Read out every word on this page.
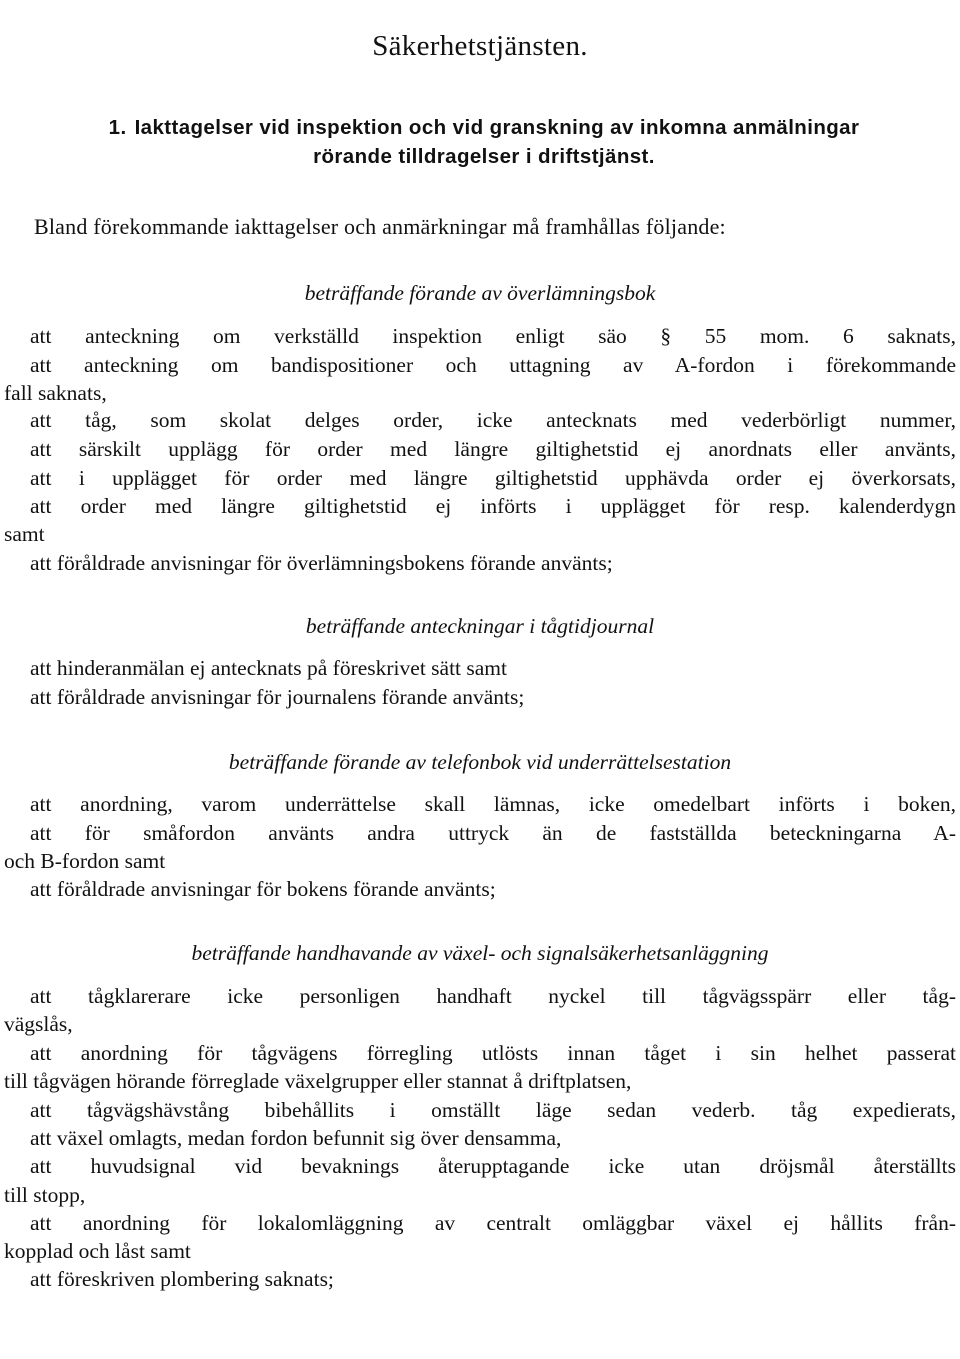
Säkerhetstjänsten.
1. Iakttagelser vid inspektion och vid granskning av inkomna anmälningar
rörande tilldragelser i driftstjänst.
Bland förekommande iakttagelser och anmärkningar må framhållas följande:
beträffande förande av överlämningsbok
att anteckning om verkställd inspektion enligt säo § 55 mom. 6 saknats,
att anteckning om bandispositioner och uttagning av A-fordon i förekommande
fall saknats,
att tåg, som skolat delges order, icke antecknats med vederbörligt nummer,
att särskilt upplägg för order med längre giltighetstid ej anordnats eller använts,
att i upplägget för order med längre giltighetstid upphävda order ej överkorsats,
att order med längre giltighetstid ej införts i upplägget för resp. kalenderdygn
samt
att föråldrade anvisningar för överlämningsbokens förande använts;
beträffande anteckningar i tågtidjournal
att hinderanmälan ej antecknats på föreskrivet sätt samt
att föråldrade anvisningar för journalens förande använts;
beträffande förande av telefonbok vid underrättelsestation
att anordning, varom underrättelse skall lämnas, icke omedelbart införts i boken,
att för småfordon använts andra uttryck än de fastställda beteckningarna A-
och B-fordon samt
att föråldrade anvisningar för bokens förande använts;
beträffande handhavande av växel- och signalsäkerhetsanläggning
att tågklarerare icke personligen handhaft nyckel till tågvägsspärr eller tåg-
vägslås,
att anordning för tågvägens förregling utlösts innan tåget i sin helhet passerat
till tågvägen hörande förreglade växelgrupper eller stannat å driftplatsen,
att tågvägshävstång bibehållits i omställt läge sedan vederb. tåg expedierats,
att växel omlagts, medan fordon befunnit sig över densamma,
att huvudsignal vid bevaknings återupptagande icke utan dröjsmål återställts
till stopp,
att anordning för lokalomläggning av centralt omläggbar växel ej hållits från-
kopplad och låst samt
att föreskriven plombering saknats;
